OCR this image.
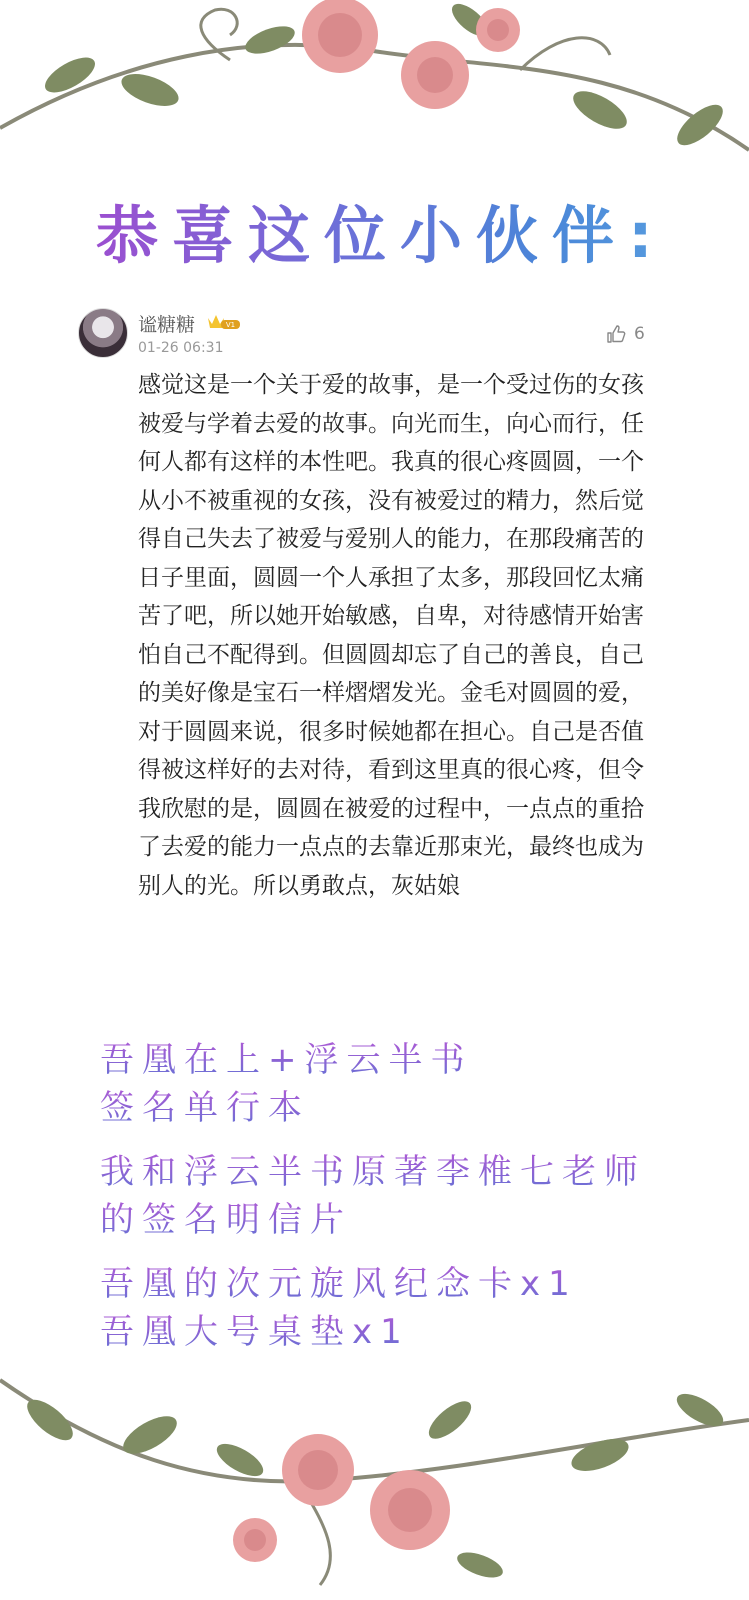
恭喜这位小伙伴:
谧糖糖	V1
01-26 06:31
6
感觉这是一个关于爱的故事，是一个受过伤的女孩被爱与学着去爱的故事。向光而生，向心而行，任何人都有这样的本性吧。我真的很心疼圆圆，一个从小不被重视的女孩，没有被爱过的精力，然后觉得自己失去了被爱与爱别人的能力，在那段痛苦的日子里面，圆圆一个人承担了太多，那段回忆太痛苦了吧，所以她开始敏感，自卑，对待感情开始害怕自己不配得到。但圆圆却忘了自己的善良，自己的美好像是宝石一样熠熠发光。金毛对圆圆的爱，对于圆圆来说，很多时候她都在担心。自己是否值得被这样好的去对待，看到这里真的很心疼，但令我欣慰的是，圆圆在被爱的过程中，一点点的重拾了去爱的能力一点点的去靠近那束光，最终也成为别人的光。所以勇敢点，灰姑娘
吾凰在上+浮云半书
签名单行本
我和浮云半书原著李椎七老师
的签名明信片
吾凰的次元旋风纪念卡x1
吾凰大号桌垫x1
